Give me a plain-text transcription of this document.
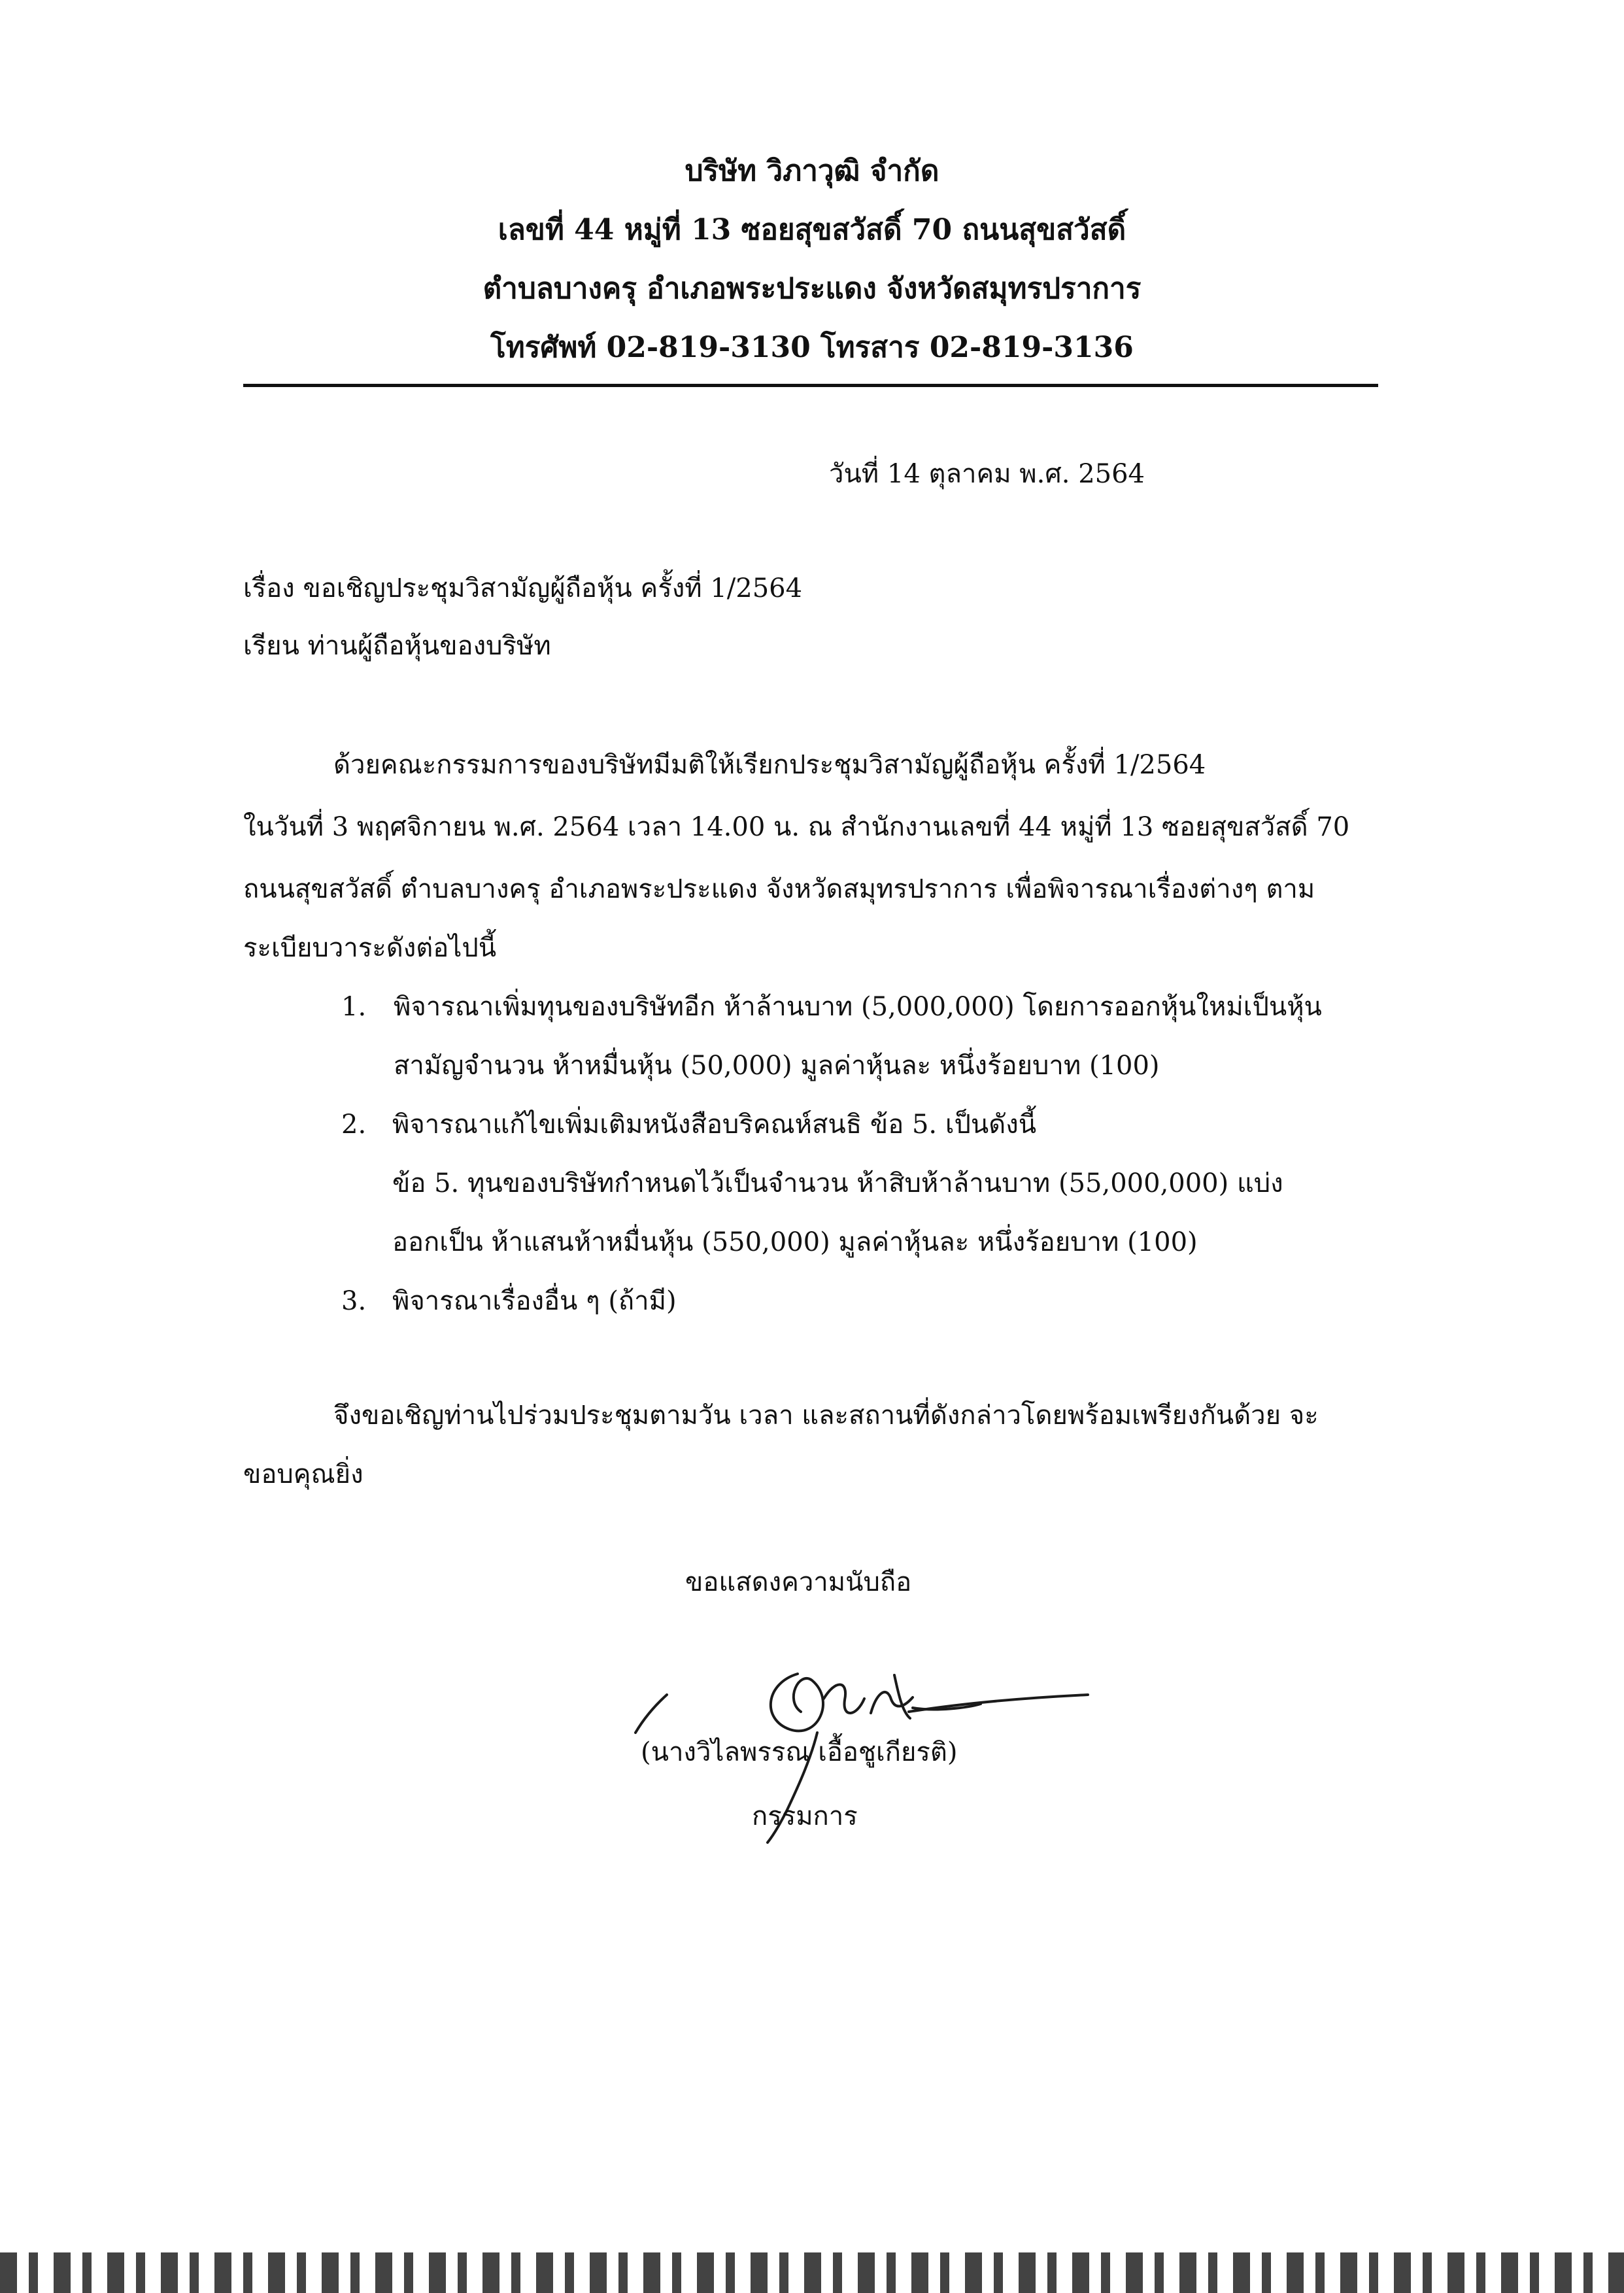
บริษัท วิภาวุฒิ จำกัด
เลขที่ 44 หมู่ที่ 13 ซอยสุขสวัสดิ์ 70 ถนนสุขสวัสดิ์
ตำบลบางครุ อำเภอพระประแดง จังหวัดสมุทรปราการ
โทรศัพท์ 02-819-3130 โทรสาร 02-819-3136
วันที่ 14 ตุลาคม พ.ศ. 2564
เรื่อง ขอเชิญประชุมวิสามัญผู้ถือหุ้น ครั้งที่ 1/2564
เรียน ท่านผู้ถือหุ้นของบริษัท
ด้วยคณะกรรมการของบริษัทมีมติให้เรียกประชุมวิสามัญผู้ถือหุ้น ครั้งที่ 1/2564
ในวันที่ 3 พฤศจิกายน พ.ศ. 2564 เวลา 14.00 น. ณ สำนักงานเลขที่ 44 หมู่ที่ 13 ซอยสุขสวัสดิ์ 70
ถนนสุขสวัสดิ์ ตำบลบางครุ อำเภอพระประแดง จังหวัดสมุทรปราการ เพื่อพิจารณาเรื่องต่างๆ ตาม
ระเบียบวาระดังต่อไปนี้
1. พิจารณาเพิ่มทุนของบริษัทอีก ห้าล้านบาท (5,000,000) โดยการออกหุ้นใหม่เป็นหุ้น
สามัญจำนวน ห้าหมื่นหุ้น (50,000) มูลค่าหุ้นละ หนึ่งร้อยบาท (100)
2. พิจารณาแก้ไขเพิ่มเติมหนังสือบริคณห์สนธิ ข้อ 5. เป็นดังนี้
ข้อ 5. ทุนของบริษัทกำหนดไว้เป็นจำนวน ห้าสิบห้าล้านบาท (55,000,000) แบ่ง
ออกเป็น ห้าแสนห้าหมื่นหุ้น (550,000) มูลค่าหุ้นละ หนึ่งร้อยบาท (100)
3. พิจารณาเรื่องอื่น ๆ (ถ้ามี)
จึงขอเชิญท่านไปร่วมประชุมตามวัน เวลา และสถานที่ดังกล่าวโดยพร้อมเพรียงกันด้วย จะ
ขอบคุณยิ่ง
ขอแสดงความนับถือ
(นางวิไลพรรณ เอื้อชูเกียรติ)
กรรมการ
